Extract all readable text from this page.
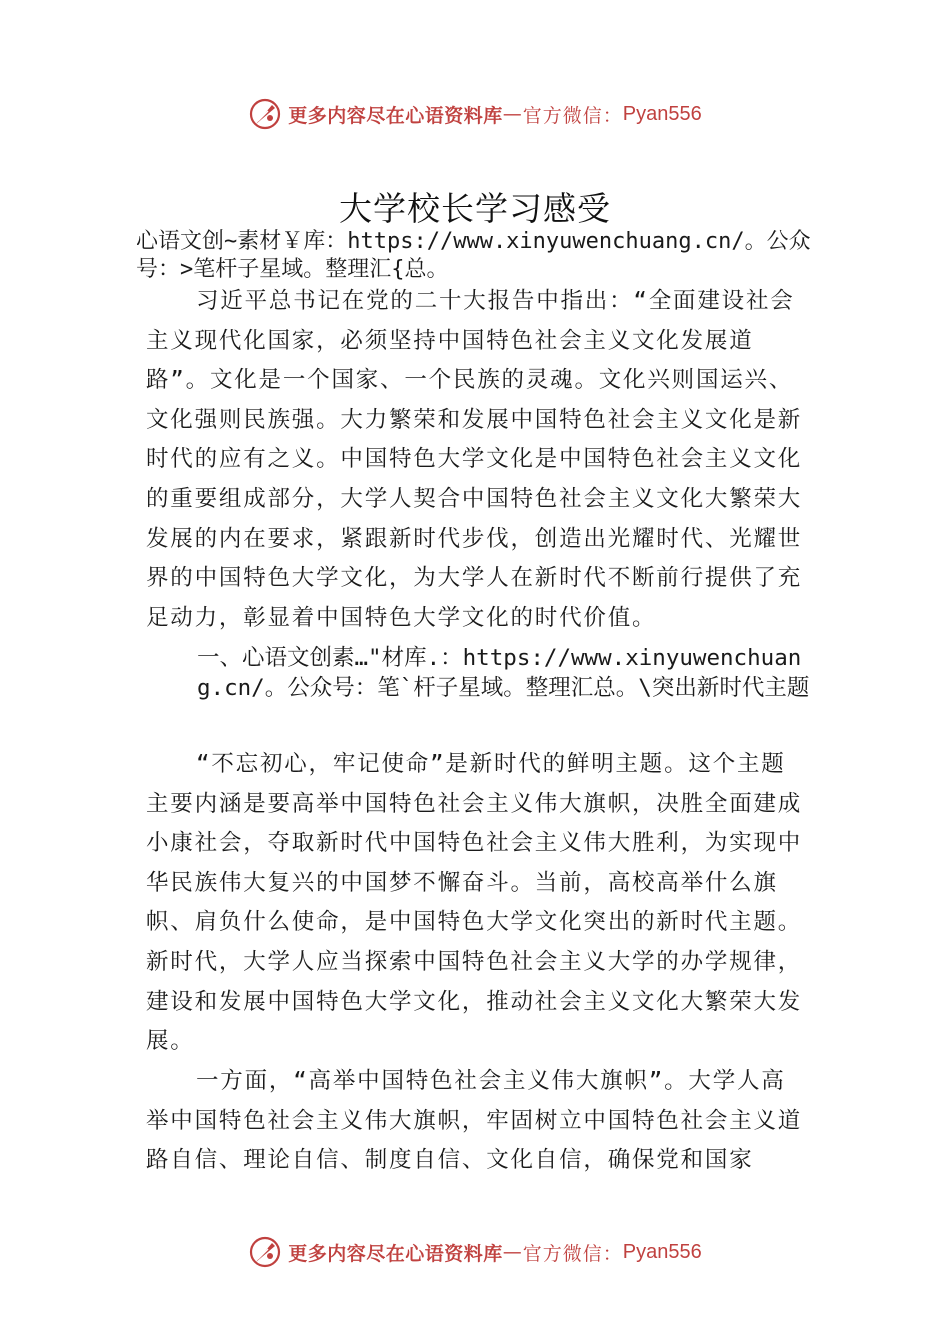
更多内容尽在心语资料库 — 官方微信： Pyan556
大学校长学习感受
心语文创~素材￥库：https://www.xinyuwenchuang.cn/。公众号：>笔杆子星域。整理汇{总。

习近平总书记在党的二十大报告中指出：“全面建设社会主义现代化国家，必须坚持中国特色社会主义文化发展道路”。文化是一个国家、一个民族的灵魂。文化兴则国运兴、文化强则民族强。大力繁荣和发展中国特色社会主义文化是新时代的应有之义。中国特色大学文化是中国特色社会主义文化的重要组成部分，大学人契合中国特色社会主义文化大繁荣大发展的内在要求，紧跟新时代步伐，创造出光耀时代、光耀世界的中国特色大学文化，为大学人在新时代不断前行提供了充足动力，彰显着中国特色大学文化的时代价值。

一、心语文创素…"材库.：https://www.xinyuwenchuang.cn/。公众号：笔`杆子星域。整理汇总。\突出新时代主题

“不忘初心，牢记使命”是新时代的鲜明主题。这个主题主要内涵是要高举中国特色社会主义伟大旗帜，决胜全面建成小康社会，夺取新时代中国特色社会主义伟大胜利，为实现中华民族伟大复兴的中国梦不懈奋斗。当前，高校高举什么旗帜、肩负什么使命，是中国特色大学文化突出的新时代主题。新时代，大学人应当探索中国特色社会主义大学的办学规律，建设和发展中国特色大学文化，推动社会主义文化大繁荣大发展。

一方面，“高举中国特色社会主义伟大旗帜”。大学人高举中国特色社会主义伟大旗帜，牢固树立中国特色社会主义道路自信、理论自信、制度自信、文化自信，确保党和国家

更多内容尽在心语资料库 — 官方微信： Pyan556
